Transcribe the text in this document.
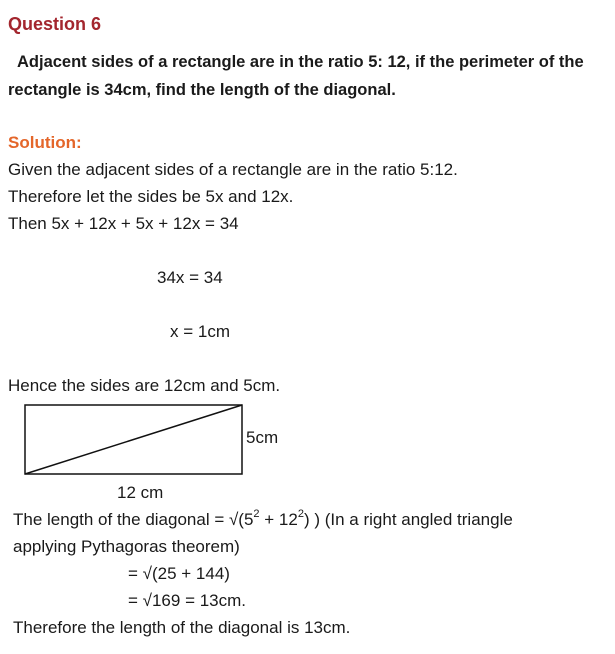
Question 6
Adjacent sides of a rectangle are in the ratio 5: 12, if the perimeter of the
rectangle is 34cm, find the length of the diagonal.
Solution:
Given the adjacent sides of a rectangle are in the ratio 5:12.
Therefore let the sides be 5x and 12x.
Then 5x + 12x + 5x + 12x = 34
34x = 34
x = 1cm
Hence the sides are 12cm and 5cm.
5cm
12 cm
The length of the diagonal = $√(5^2 + 12^2)$ ) (In a right angled triangle
applying Pythagoras theorem)
= √(25 + 144)
= √169 = 13cm.
Therefore the length of the diagonal is 13cm.
